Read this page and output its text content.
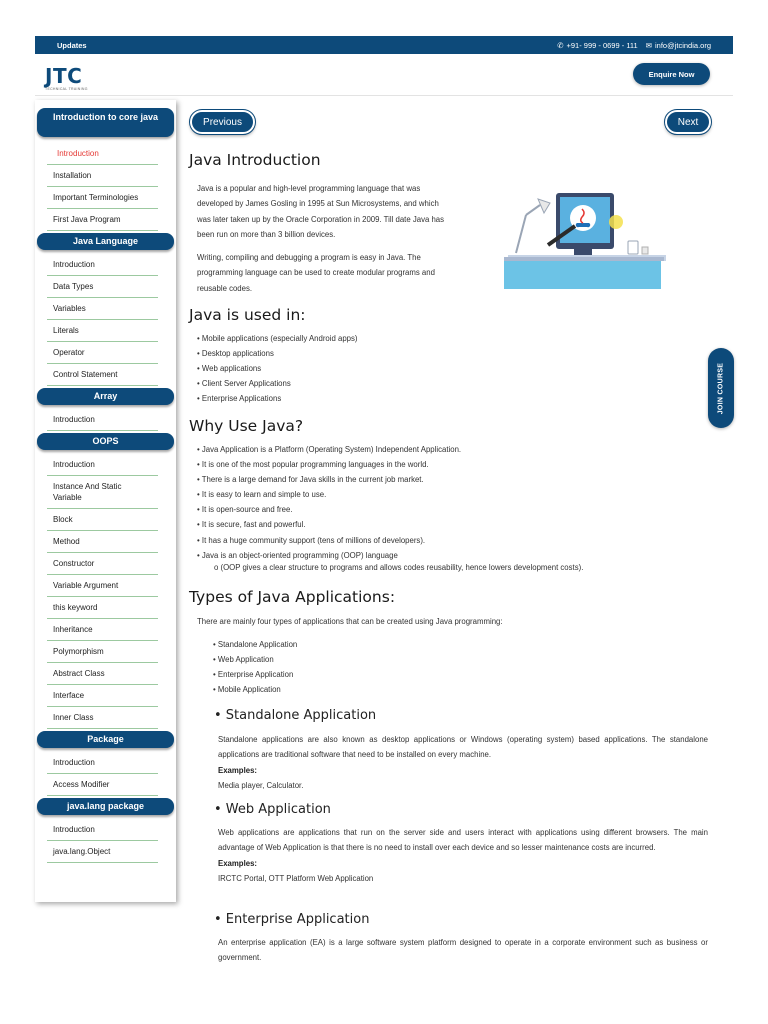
Updates	✆ +91- 999 - 0699 - 111 ✉ info@jtcindia.org
JTC
TECHNICAL TRAINING
Enquire Now
Introduction to core java
Introduction
Installation
Important Terminologies
First Java Program
Java Language
Introduction
Data Types
Variables
Literals
Operator
Control Statement
Array
Introduction
OOPS
Introduction
Instance And Static Variable
Block
Method
Constructor
Variable Argument
this keyword
Inheritance
Polymorphism
Abstract Class
Interface
Inner Class
Package
Introduction
Access Modifier
java.lang package
Introduction
java.lang.Object
Previous	Next
JOIN COURSE
Java Introduction

Java is a popular and high-level programming language that was developed by James Gosling in 1995 at Sun Microsystems, and which was later taken up by the Oracle Corporation in 2009. Till date Java has been run on more than 3 billion devices.

Writing, compiling and debugging a program is easy in Java. The programming language can be used to create modular programs and reusable codes.

Java is used in:
• Mobile applications (especially Android apps)
• Desktop applications
• Web applications
• Client Server Applications
• Enterprise Applications
Why Use Java?
• Java Application is a Platform (Operating System) Independent Application.
• It is one of the most popular programming languages in the world.
• There is a large demand for Java skills in the current job market.
• It is easy to learn and simple to use.
• It is open-source and free.
• It is secure, fast and powerful.
• It has a huge community support (tens of millions of developers).
• Java is an object-oriented programming (OOP) language
o (OOP gives a clear structure to programs and allows codes reusability, hence lowers development costs).
Types of Java Applications:

There are mainly four types of applications that can be created using Java programming:

• Standalone Application
• Web Application
• Enterprise Application
• Mobile Application
• Standalone Application
Standalone applications are also known as desktop applications or Windows (operating system) based applications. The standalone applications are traditional software that need to be installed on every machine.
Examples:
Media player, Calculator.
• Web Application
Web applications are applications that run on the server side and users interact with applications using different browsers. The main advantage of Web Application is that there is no need to install over each device and so lesser maintenance costs are incurred.
Examples:
IRCTC Portal, OTT Platform Web Application
• Enterprise Application
An enterprise application (EA) is a large software system platform designed to operate in a corporate environment such as business or government.
